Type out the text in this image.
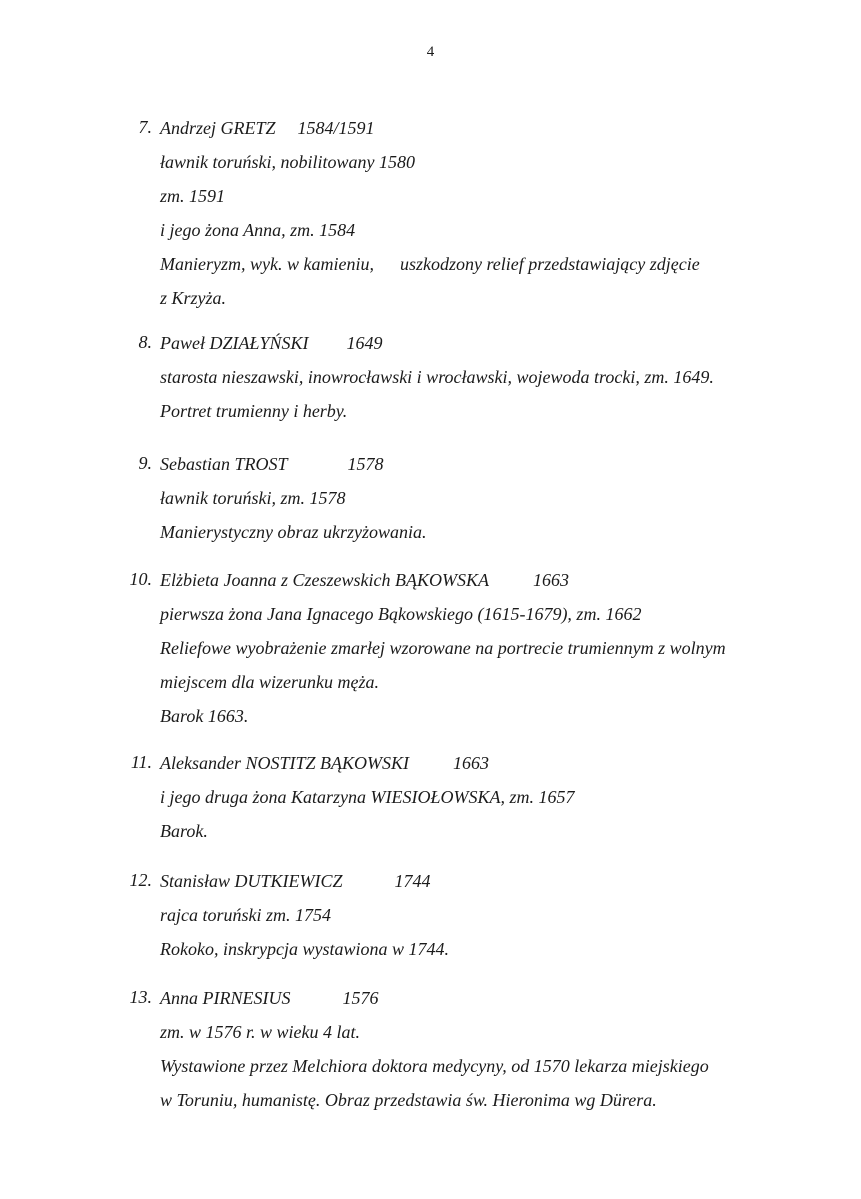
4
7. Andrzej GRETZ 1584/1591
ławnik toruński, nobilitowany 1580
zm. 1591
i jego żona Anna, zm. 1584
Manieryzm, wyk. w kamieniu, uszkodzony relief przedstawiający zdjęcie
z Krzyża.
8. Paweł DZIAŁYŃSKI 1649
starosta nieszawski, inowrocławski i wrocławski, wojewoda trocki, zm. 1649.
Portret trumienny i herby.
9. Sebastian TROST	1578
ławnik toruński, zm. 1578
Manierystyczny obraz ukrzyżowania.
10. Elżbieta Joanna z Czeszewskich BĄKOWSKA 1663
pierwsza żona Jana Ignacego Bąkowskiego (1615-1679), zm. 1662
Reliefowe wyobrażenie zmarłej wzorowane na portrecie trumiennym z wolnym
miejscem dla wizerunku męża.
Barok 1663.
11. Aleksander NOSTITZ BĄKOWSKI 1663
i jego druga żona Katarzyna WIESIOŁOWSKA, zm. 1657
Barok.
12. Stanisław DUTKIEWICZ	1744
rajca toruński zm. 1754
Rokoko, inskrypcja wystawiona w 1744.
13. Anna PIRNESIUS	1576
zm. w 1576 r. w wieku 4 lat.
Wystawione przez Melchiora doktora medycyny, od 1570 lekarza miejskiego
w Toruniu, humanistę. Obraz przedstawia św. Hieronima wg Dürera.
